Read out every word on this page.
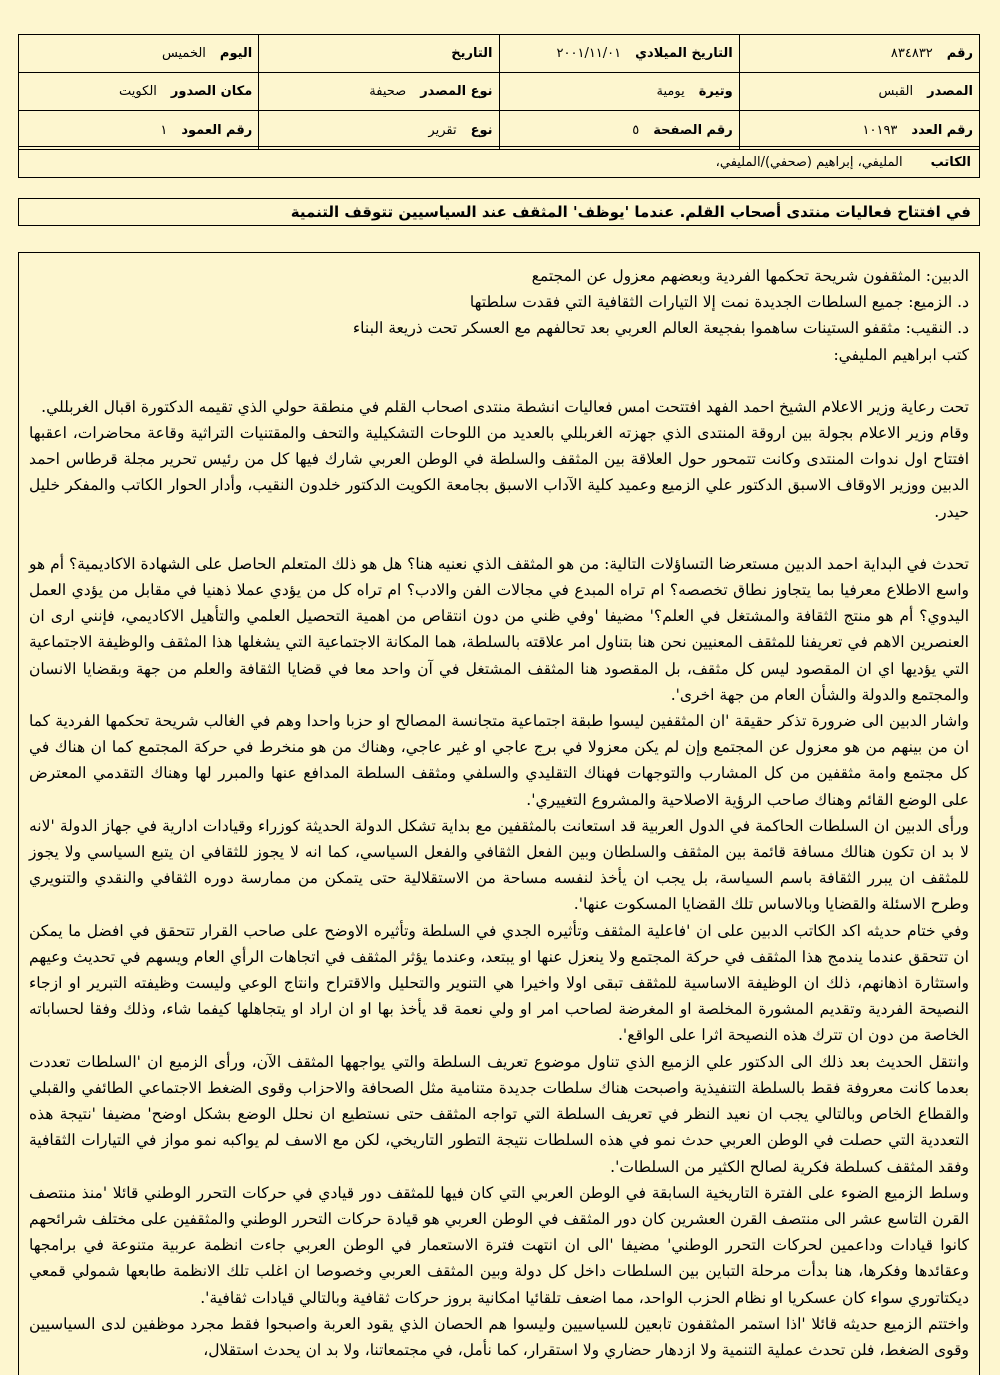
رقم
٨٣٤٨٣٢
التاريخ الميلادي
٢٠٠١/١١/٠١
التاريخ
اليوم
الخميس
المصدر
القبس
وتيرة
يومية
نوع المصدر
صحيفة
مكان الصدور
الكويت
رقم العدد
١٠١٩٣
رقم الصفحة
٥
نوع
تقرير
رقم العمود
١
الكاتب
المليفي، إبراهيم (صحفي)/المليفي،
في افتتاح فعاليات منتدى أصحاب القلم. عندما 'يوظف' المثقف عند السياسيين تتوقف التنمية

الدبين: المثقفون شريحة تحكمها الفردية وبعضهم معزول عن المجتمع

د. الزميع: جميع السلطات الجديدة نمت إلا التيارات الثقافية التي فقدت سلطتها

د. النقيب: مثقفو الستينات ساهموا بفجيعة العالم العربي بعد تحالفهم مع العسكر تحت ذريعة البناء

كتب ابراهيم المليفي:

تحت رعاية وزير الاعلام الشيخ احمد الفهد افتتحت امس فعاليات انشطة منتدى اصحاب القلم في منطقة حولي الذي تقيمه الدكتورة اقبال الغربللي.

وقام وزير الاعلام بجولة بين اروقة المنتدى الذي جهزته الغربللي بالعديد من اللوحات التشكيلية والتحف والمقتنيات التراثية وقاعة محاضرات، اعقبها افتتاح اول ندوات المنتدى وكانت تتمحور حول العلاقة بين المثقف والسلطة في الوطن العربي شارك فيها كل من رئيس تحرير مجلة قرطاس احمد الدبين ووزير الاوقاف الاسبق الدكتور علي الزميع وعميد كلية الآداب الاسبق بجامعة الكويت الدكتور خلدون النقيب، وأدار الحوار الكاتب والمفكر خليل حيدر.

تحدث في البداية احمد الدبين مستعرضا التساؤلات التالية: من هو المثقف الذي نعنيه هنا؟ هل هو ذلك المتعلم الحاصل على الشهادة الاكاديمية؟ أم هو واسع الاطلاع معرفيا بما يتجاوز نطاق تخصصه؟ ام تراه المبدع في مجالات الفن والادب؟ ام تراه كل من يؤدي عملا ذهنيا في مقابل من يؤدي العمل اليدوي؟ أم هو منتج الثقافة والمشتغل في العلم؟' مضيفا 'وفي ظني من دون انتقاص من اهمية التحصيل العلمي والتأهيل الاكاديمي، فإنني ارى ان العنصرين الاهم في تعريفنا للمثقف المعنيين نحن هنا بتناول امر علاقته بالسلطة، هما المكانة الاجتماعية التي يشغلها هذا المثقف والوظيفة الاجتماعية التي يؤديها اي ان المقصود ليس كل مثقف، بل المقصود هنا المثقف المشتغل في آن واحد معا في قضايا الثقافة والعلم من جهة وبقضايا الانسان والمجتمع والدولة والشأن العام من جهة اخرى'.

واشار الدبين الى ضرورة تذكر حقيقة 'ان المثقفين ليسوا طبقة اجتماعية متجانسة المصالح او حزبا واحدا وهم في الغالب شريحة تحكمها الفردية كما ان من بينهم من هو معزول عن المجتمع وإن لم يكن معزولا في برج عاجي او غير عاجي، وهناك من هو منخرط في حركة المجتمع كما ان هناك في كل مجتمع وامة مثقفين من كل المشارب والتوجهات فهناك التقليدي والسلفي ومثقف السلطة المدافع عنها والمبرر لها وهناك التقدمي المعترض على الوضع القائم وهناك صاحب الرؤية الاصلاحية والمشروع التغييري'.

ورأى الدبين ان السلطات الحاكمة في الدول العربية قد استعانت بالمثقفين مع بداية تشكل الدولة الحديثة كوزراء وقيادات ادارية في جهاز الدولة 'لانه لا بد ان تكون هنالك مسافة قائمة بين المثقف والسلطان وبين الفعل الثقافي والفعل السياسي، كما انه لا يجوز للثقافي ان يتبع السياسي ولا يجوز للمثقف ان يبرر الثقافة باسم السياسة، بل يجب ان يأخذ لنفسه مساحة من الاستقلالية حتى يتمكن من ممارسة دوره الثقافي والنقدي والتنويري وطرح الاسئلة والقضايا وبالاساس تلك القضايا المسكوت عنها'.

وفي ختام حديثه اكد الكاتب الدبين على ان 'فاعلية المثقف وتأثيره الجدي في السلطة وتأثيره الاوضح على صاحب القرار تتحقق في افضل ما يمكن ان تتحقق عندما يندمج هذا المثقف في حركة المجتمع ولا ينعزل عنها او يبتعد، وعندما يؤثر المثقف في اتجاهات الرأي العام ويسهم في تحديث وعيهم واستثارة اذهانهم، ذلك ان الوظيفة الاساسية للمثقف تبقى اولا واخيرا هي التنوير والتحليل والاقتراح وانتاج الوعي وليست وظيفته التبرير او ازجاء النصيحة الفردية وتقديم المشورة المخلصة او المغرضة لصاحب امر او ولي نعمة قد يأخذ بها او ان اراد او يتجاهلها كيفما شاء، وذلك وفقا لحساباته الخاصة من دون ان تترك هذه النصيحة اثرا على الواقع'.

وانتقل الحديث بعد ذلك الى الدكتور علي الزميع الذي تناول موضوع تعريف السلطة والتي يواجهها المثقف الآن، ورأى الزميع ان 'السلطات تعددت بعدما كانت معروفة فقط بالسلطة التنفيذية واصبحت هناك سلطات جديدة متنامية مثل الصحافة والاحزاب وقوى الضغط الاجتماعي الطائفي والقبلي والقطاع الخاص وبالتالي يجب ان نعيد النظر في تعريف السلطة التي تواجه المثقف حتى نستطيع ان نحلل الوضع بشكل اوضح' مضيفا 'نتيجة هذه التعددية التي حصلت في الوطن العربي حدث نمو في هذه السلطات نتيجة التطور التاريخي، لكن مع الاسف لم يواكبه نمو مواز في التيارات الثقافية وفقد المثقف كسلطة فكرية لصالح الكثير من السلطات'.

وسلط الزميع الضوء على الفترة التاريخية السابقة في الوطن العربي التي كان فيها للمثقف دور قيادي في حركات التحرر الوطني قائلا 'منذ منتصف القرن التاسع عشر الى منتصف القرن العشرين كان دور المثقف في الوطن العربي هو قيادة حركات التحرر الوطني والمثقفين على مختلف شرائحهم كانوا قيادات وداعمين لحركات التحرر الوطني' مضيفا 'الى ان انتهت فترة الاستعمار في الوطن العربي جاءت انظمة عربية متنوعة في برامجها وعقائدها وفكرها، هنا بدأت مرحلة التباين بين السلطات داخل كل دولة وبين المثقف العربي وخصوصا ان اغلب تلك الانظمة طابعها شمولي قمعي ديكتاتوري سواء كان عسكريا او نظام الحزب الواحد، مما اضعف تلقائيا امكانية بروز حركات ثقافية وبالتالي قيادات ثقافية'.

واختتم الزميع حديثه قائلا 'اذا استمر المثقفون تابعين للسياسيين وليسوا هم الحصان الذي يقود العربة واصبحوا فقط مجرد موظفين لدى السياسيين وقوى الضغط، فلن تحدث عملية التنمية ولا ازدهار حضاري ولا استقرار، كما نأمل، في مجتمعاتنا، ولا بد ان يحدث استقلال،
